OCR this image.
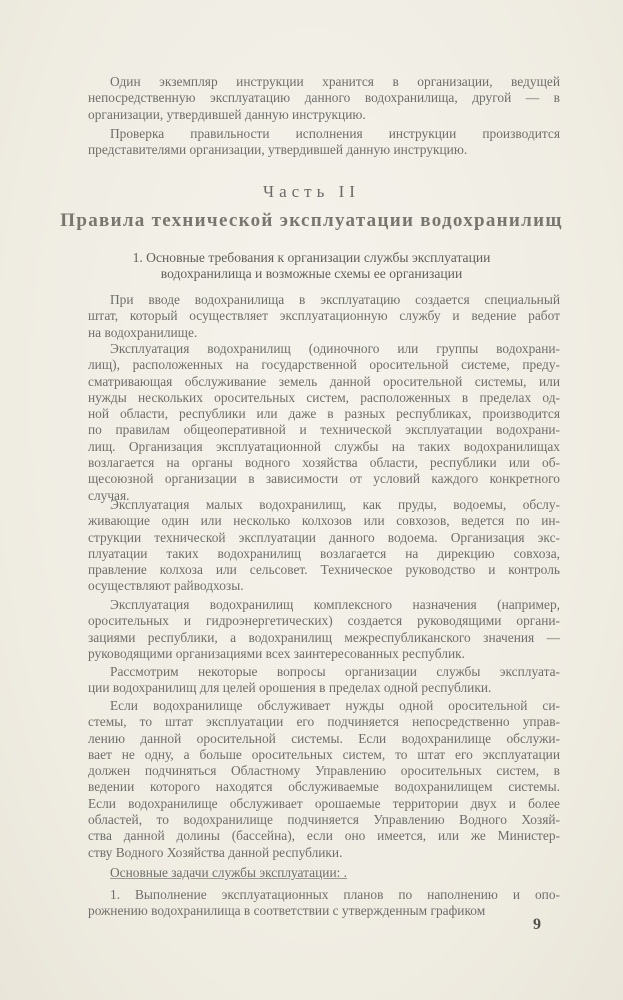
Один экземпляр инструкции хранится в организации, ведущей
непосредственную эксплуатацию данного водохранилища, другой — в
организации, утвердившей данную инструкцию.
Проверка правильности исполнения инструкции производится
представителями организации, утвердившей данную инструкцию.
Часть II
Правила технической эксплуатации водохранилищ
1. Основные требования к организации службы эксплуатации
водохранилища и возможные схемы ее организации
При вводе водохранилища в эксплуатацию создается специальный
штат, который осуществляет эксплуатационную службу и ведение работ
на водохранилище.
Эксплуатация водохранилищ (одиночного или группы водохрани-
лищ), расположенных на государственной оросительной системе, преду-
сматривающая обслуживание земель данной оросительной системы, или
нужды нескольких оросительных систем, расположенных в пределах од-
ной области, республики или даже в разных республиках, производится
по правилам общеоперативной и технической эксплуатации водохрани-
лищ. Организация эксплуатационной службы на таких водохранилищах
возлагается на органы водного хозяйства области, республики или об-
щесоюзной организации в зависимости от условий каждого конкретного
случая.
Эксплуатация малых водохранилищ, как пруды, водоемы, обслу-
живающие один или несколько колхозов или совхозов, ведется по ин-
струкции технической эксплуатации данного водоема. Организация экс-
плуатации таких водохранилищ возлагается на дирекцию совхоза,
правление колхоза или сельсовет. Техническое руководство и контроль
осуществляют райводхозы.
Эксплуатация водохранилищ комплексного назначения (например,
оросительных и гидроэнергетических) создается руководящими органи-
зациями республики, а водохранилищ межреспубликанского значения —
руководящими организациями всех заинтересованных республик.
Рассмотрим некоторые вопросы организации службы эксплуата-
ции водохранилищ для целей орошения в пределах одной республики.
Если водохранилище обслуживает нужды одной оросительной си-
стемы, то штат эксплуатации его подчиняется непосредственно управ-
лению данной оросительной системы. Если водохранилище обслужи-
вает не одну, а больше оросительных систем, то штат его эксплуатации
должен подчиняться Областному Управлению оросительных систем, в
ведении которого находятся обслуживаемые водохранилищем системы.
Если водохранилище обслуживает орошаемые территории двух и более
областей, то водохранилище подчиняется Управлению Водного Хозяй-
ства данной долины (бассейна), если оно имеется, или же Министер-
ству Водного Хозяйства данной республики.
Основные задачи службы эксплуатации: .
1. Выполнение эксплуатационных планов по наполнению и опо-
рожнению водохранилища в соответствии с утвержденным графиком
9
